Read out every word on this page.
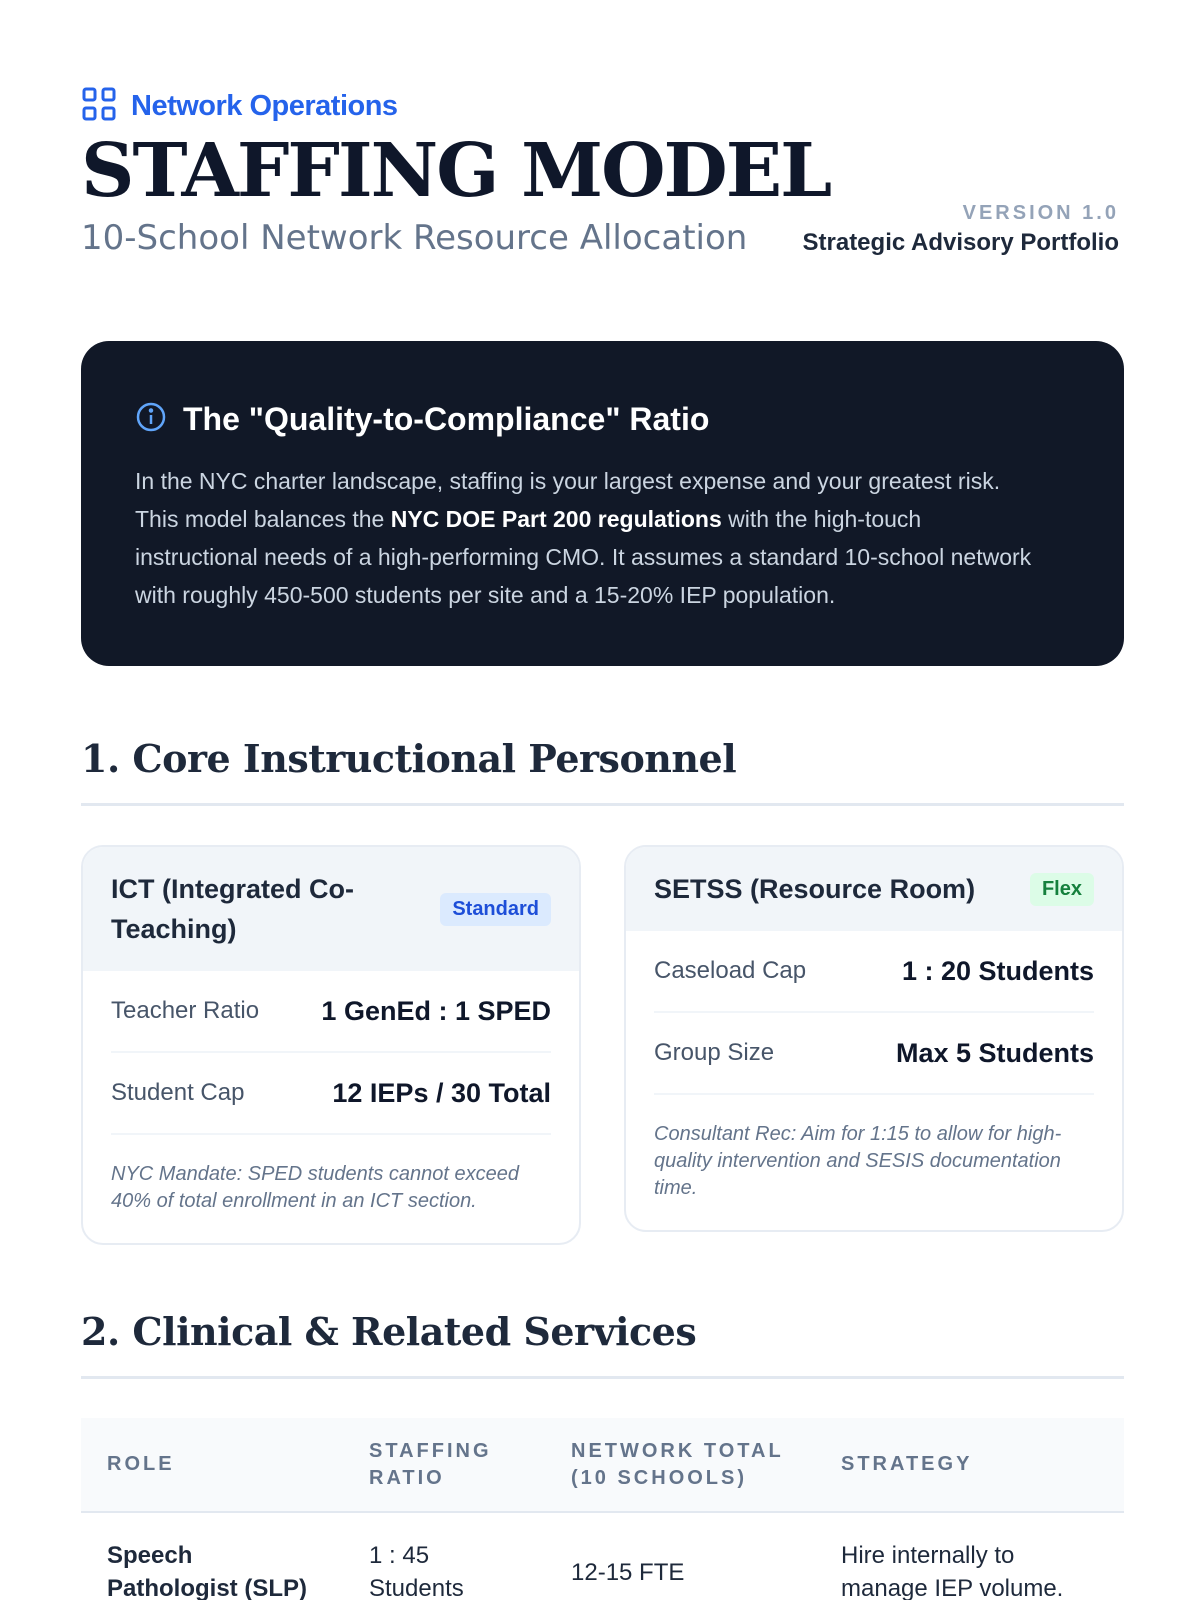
Network Operations
STAFFING MODEL
10-School Network Resource Allocation
VERSION 1.0
Strategic Advisory Portfolio
The "Quality-to-Compliance" Ratio

In the NYC charter landscape, staffing is your largest expense and your greatest risk. This model balances the NYC DOE Part 200 regulations with the high-touch instructional needs of a high-performing CMO. It assumes a standard 10-school network with roughly 450-500 students per site and a 15-20% IEP population.

1. Core Instructional Personnel
ICT (Integrated Co-Teaching)
Standard
Teacher Ratio 1 GenEd : 1 SPED
Student Cap	12 IEPs / 30 Total

NYC Mandate: SPED students cannot exceed 40% of total enrollment in an ICT section.

SETSS (Resource Room)	Flex
Caseload Cap	1 : 20 Students
Group Size	Max 5 Students

Consultant Rec: Aim for 1:15 to allow for high-quality intervention and SESIS documentation time.

2. Clinical & Related Services
ROLE	STAFFING RATIO	NETWORK TOTAL (10 SCHOOLS)	STRATEGY
Speech Pathologist (SLP)	1 : 45 Students	12-15 FTE	Hire internally to manage IEP volume.
